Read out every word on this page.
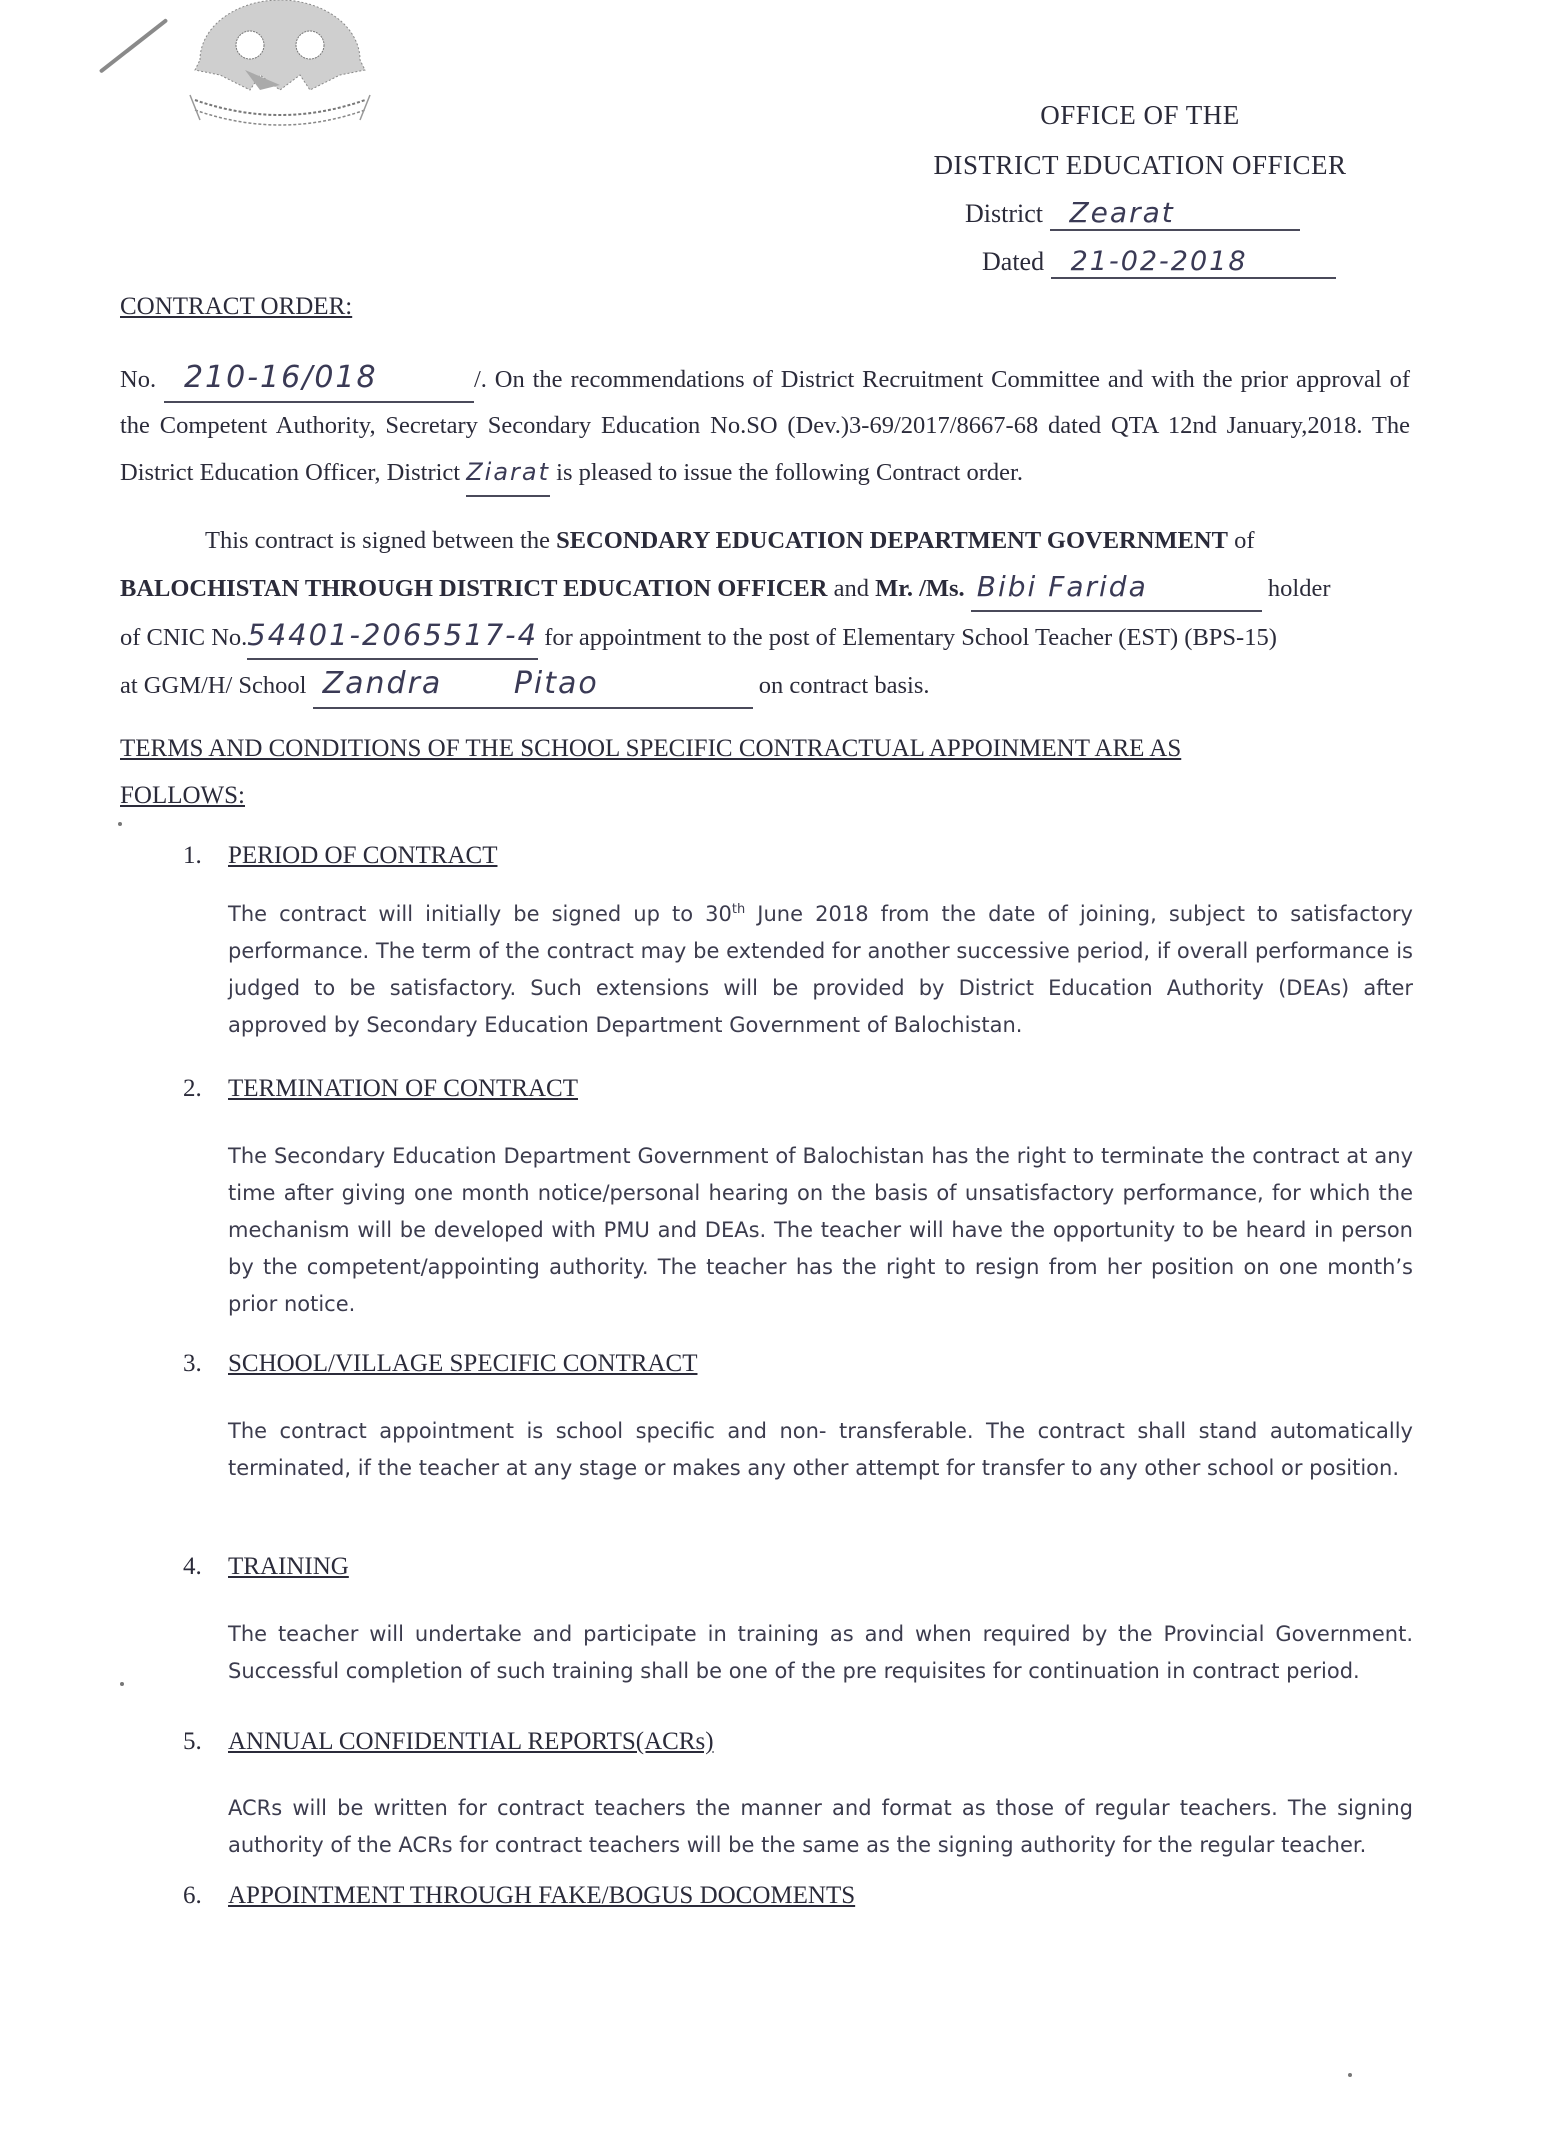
OFFICE OF THE
DISTRICT EDUCATION OFFICER
District Zearat
Dated 21-02-2018
CONTRACT ORDER:
No. 210-16/018	/. On the recommendations of District Recruitment Committee and with the prior approval of the Competent Authority, Secretary Secondary Education No.SO (Dev.)3-69/2017/8667-68 dated QTA 12nd January,2018. The District Education Officer, District Ziarat is pleased to issue the following Contract order.
This contract is signed between the SECONDARY EDUCATION DEPARTMENT GOVERNMENT of
BALOCHISTAN THROUGH DISTRICT EDUCATION OFFICER and Mr. /Ms. Bibi Farida	holder
of CNIC No.54401-2065517-4 for appointment to the post of Elementary School Teacher (EST) (BPS-15)
at GGM/H/ School Zandra Pitao	on contract basis.
TERMS AND CONDITIONS OF THE SCHOOL SPECIFIC CONTRACTUAL APPOINMENT ARE AS
FOLLOWS:
1. PERIOD OF CONTRACT
The contract will initially be signed up to 30th June 2018 from the date of joining, subject to satisfactory performance. The term of the contract may be extended for another successive period, if overall performance is judged to be satisfactory. Such extensions will be provided by District Education Authority (DEAs) after approved by Secondary Education Department Government of Balochistan.
2. TERMINATION OF CONTRACT
The Secondary Education Department Government of Balochistan has the right to terminate the contract at any time after giving one month notice/personal hearing on the basis of unsatisfactory performance, for which the mechanism will be developed with PMU and DEAs. The teacher will have the opportunity to be heard in person by the competent/appointing authority. The teacher has the right to resign from her position on one month’s prior notice.
3. SCHOOL/VILLAGE SPECIFIC CONTRACT
The contract appointment is school specific and non- transferable. The contract shall stand automatically terminated, if the teacher at any stage or makes any other attempt for transfer to any other school or position.
4. TRAINING
The teacher will undertake and participate in training as and when required by the Provincial Government. Successful completion of such training shall be one of the pre requisites for continuation in contract period.
5. ANNUAL CONFIDENTIAL REPORTS(ACRs)
ACRs will be written for contract teachers the manner and format as those of regular teachers. The signing authority of the ACRs for contract teachers will be the same as the signing authority for the regular teacher.
6. APPOINTMENT THROUGH FAKE/BOGUS DOCOMENTS
